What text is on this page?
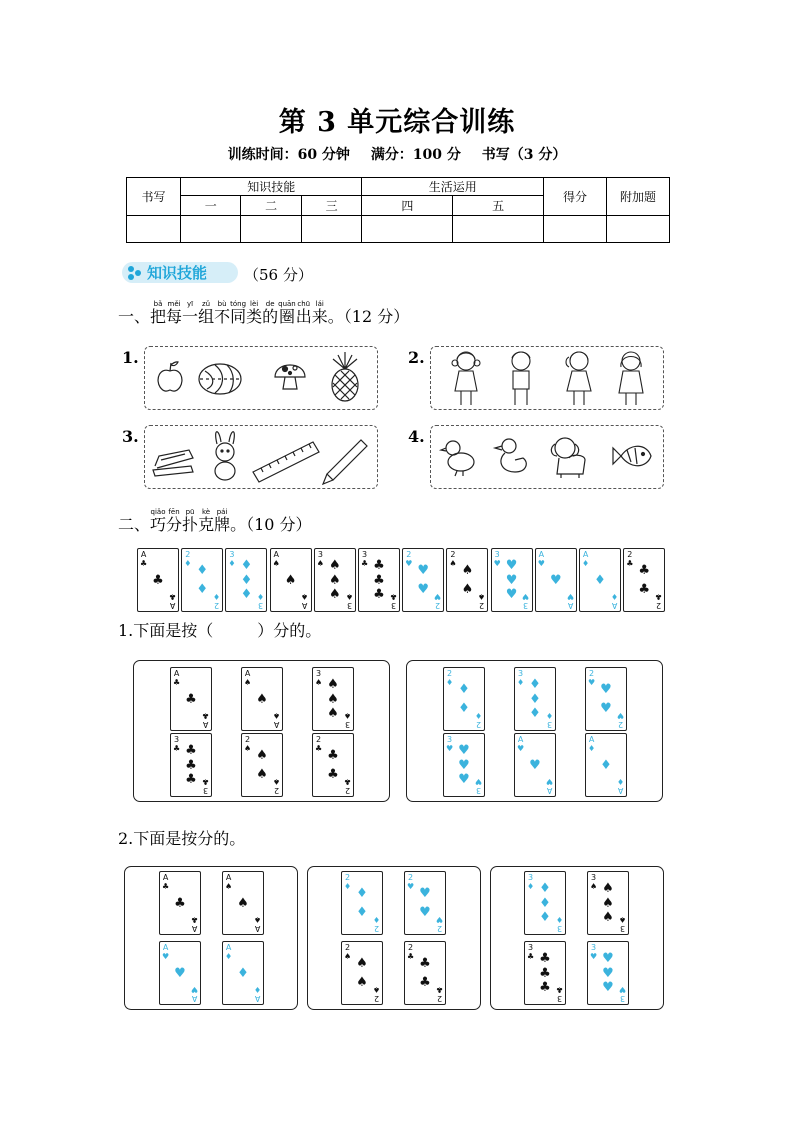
第 3 单元综合训练
训练时间：60 分钟 满分：100 分 书写（3 分）
书写	知识技能			生活运用		得分	附加题
	一	二	三	四	五		

知识技能 （56 分）

一、
bǎ
把
měi
每
yī
一
zǔ
组
bù
不
tóng
同
lèi
类
de
的
quān
圈
chū
出
lái
来
。（12 分）
1.	2.
3.	4.

二、
qiǎo
巧
fēn
分
pū
扑
kè
克
pái
牌
。（10 分）
1.下面是按（	）分的。
2.下面是按分的。
A
♣
♣
A
♣
2
♦ ♦
♦
2
♦
3
♦ ♦
♦
♦
3
♦
A
♠
♠
A
♠
3
♠ ♠
♠
♠
3
♠
3
♣ ♣
♣
♣
3
♣
2
♥ ♥
♥
2
♥
2
♠ ♠
♠
2
♠
3
♥ ♥
♥
♥
3
♥
A
♥
♥
A
♥
A
♦
♦
A
♦
2
♣ ♣
♣
2
♣
A
♣
♣
A
♣
A
♠
♠
A
♠
3
♠ ♠
♠
♠
3
♠
3
♣ ♣
♣
♣
3
♣
2
♠ ♠
♠
2
♠
2
♣ ♣
♣
2
♣
2
♦ ♦
♦
2
♦
3
♦ ♦
♦
♦
3
♦
2
♥ ♥
♥
2
♥
3
♥ ♥
♥
♥
3
♥
A
♥
♥
A
♥
A
♦
♦
A
♦
A
♣
♣
A
♣
A
♠
♠
A
♠
A
♥
♥
A
♥
A
♦
♦
A
♦
2
♦ ♦
♦
2
♦
2
♥ ♥
♥
2
♥
2
♠ ♠
♠
2
♠
2
♣ ♣
♣
2
♣
3
♦ ♦
♦
♦
3
♦
3
♠ ♠
♠
♠
3
♠
3
♣ ♣
♣
♣
3
♣
3
♥ ♥
♥
♥
3
♥
